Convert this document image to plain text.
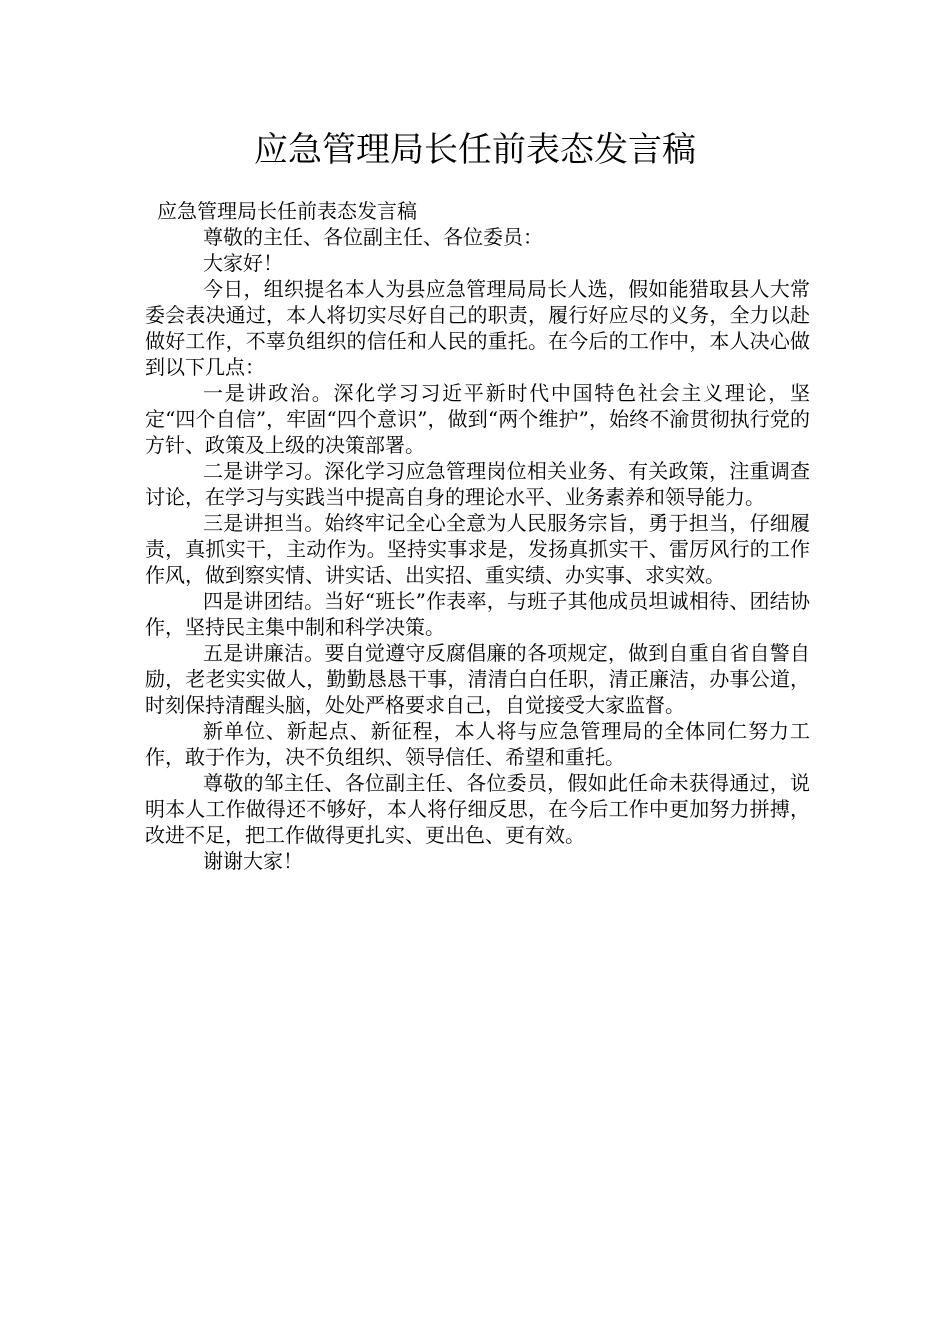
应急管理局长任前表态发言稿

应急管理局长任前表态发言稿

尊敬的主任、各位副主任、各位委员：

大家好！

今日，组织提名本人为县应急管理局局长人选，假如能猎取县人大常委会表决通过，本人将切实尽好自己的职责，履行好应尽的义务，全力以赴做好工作，不辜负组织的信任和人民的重托。在今后的工作中，本人决心做到以下几点：

一是讲政治。深化学习习近平新时代中国特色社会主义理论，坚定“四个自信”，牢固“四个意识”，做到“两个维护”，始终不渝贯彻执行党的方针、政策及上级的决策部署。

二是讲学习。深化学习应急管理岗位相关业务、有关政策，注重调查讨论，在学习与实践当中提高自身的理论水平、业务素养和领导能力。

三是讲担当。始终牢记全心全意为人民服务宗旨，勇于担当，仔细履责，真抓实干，主动作为。坚持实事求是，发扬真抓实干、雷厉风行的工作作风，做到察实情、讲实话、出实招、重实绩、办实事、求实效。

四是讲团结。当好“班长”作表率，与班子其他成员坦诚相待、团结协作，坚持民主集中制和科学决策。

五是讲廉洁。要自觉遵守反腐倡廉的各项规定，做到自重自省自警自励，老老实实做人，勤勤恳恳干事，清清白白任职，清正廉洁，办事公道，时刻保持清醒头脑，处处严格要求自己，自觉接受大家监督。

新单位、新起点、新征程，本人将与应急管理局的全体同仁努力工作，敢于作为，决不负组织、领导信任、希望和重托。

尊敬的邹主任、各位副主任、各位委员，假如此任命未获得通过，说明本人工作做得还不够好，本人将仔细反思，在今后工作中更加努力拼搏，改进不足，把工作做得更扎实、更出色、更有效。

谢谢大家！
